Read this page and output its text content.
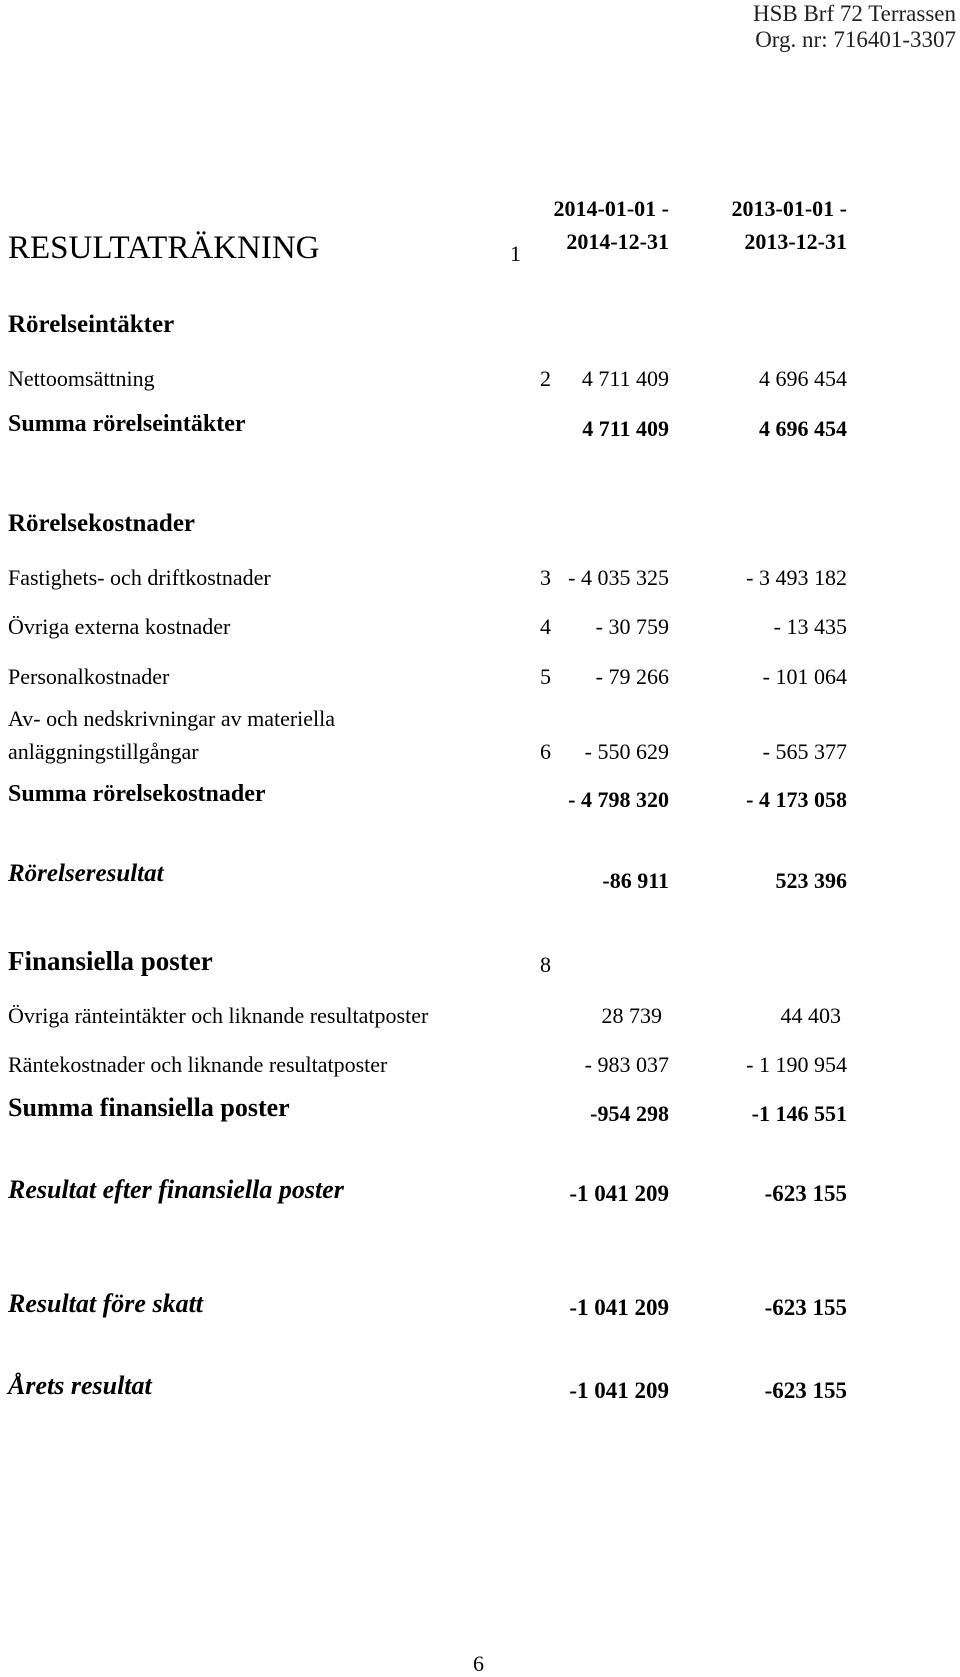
HSB Brf 72 Terrassen
Org. nr: 716401-3307
RESULTATRÄKNING	1
2014-01-01 -
2014-12-31
2013-01-01 -
2013-12-31
Rörelseintäkter
Nettoomsättning	2 4 711 409	4 696 454
Summa rörelseintäkter	4 711 409	4 696 454
Rörelsekostnader
Fastighets- och driftkostnader	3 - 4 035 325	- 3 493 182
Övriga externa kostnader	4 - 30 759	- 13 435
Personalkostnader	5 - 79 266	- 101 064
Av- och nedskrivningar av materiella
anläggningstillgångar	6 - 550 629	- 565 377
Summa rörelsekostnader	- 4 798 320	- 4 173 058
Rörelseresultat	-86 911	523 396
Finansiella poster	8
Övriga ränteintäkter och liknande resultatposter	28 739	44 403
Räntekostnader och liknande resultatposter	- 983 037	- 1 190 954
Summa finansiella poster	-954 298	-1 146 551
Resultat efter finansiella poster	-1 041 209	-623 155
Resultat före skatt	-1 041 209	-623 155
Årets resultat	-1 041 209	-623 155
6
